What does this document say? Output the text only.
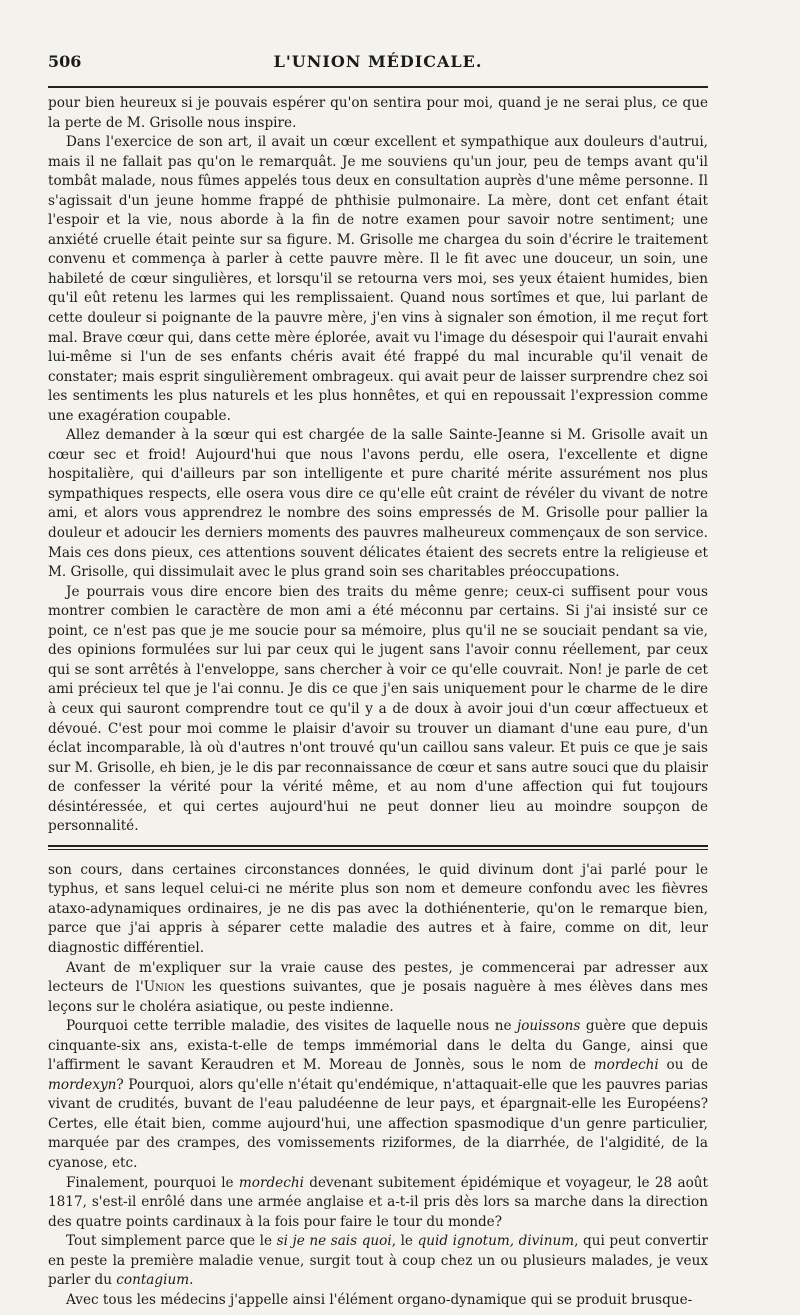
506	L'UNION MÉDICALE.

pour bien heureux si je pouvais espérer qu'on sentira pour moi, quand je ne serai plus, ce que la perte de M. Grisolle nous inspire.

Dans l'exercice de son art, il avait un cœur excellent et sympathique aux douleurs d'autrui, mais il ne fallait pas qu'on le remarquât. Je me souviens qu'un jour, peu de temps avant qu'il tombât malade, nous fûmes appelés tous deux en consultation auprès d'une même personne. Il s'agissait d'un jeune homme frappé de phthisie pulmonaire. La mère, dont cet enfant était l'espoir et la vie, nous aborde à la fin de notre examen pour savoir notre sentiment; une anxiété cruelle était peinte sur sa figure. M. Grisolle me chargea du soin d'écrire le traitement convenu et commença à parler à cette pauvre mère. Il le fit avec une douceur, un soin, une habileté de cœur singulières, et lorsqu'il se retourna vers moi, ses yeux étaient humides, bien qu'il eût retenu les larmes qui les remplissaient. Quand nous sortîmes et que, lui parlant de cette douleur si poignante de la pauvre mère, j'en vins à signaler son émotion, il me reçut fort mal. Brave cœur qui, dans cette mère éplorée, avait vu l'image du désespoir qui l'aurait envahi lui-même si l'un de ses enfants chéris avait été frappé du mal incurable qu'il venait de constater; mais esprit singulièrement ombrageux. qui avait peur de laisser surprendre chez soi les sentiments les plus naturels et les plus honnêtes, et qui en repoussait l'expression comme une exagération coupable.

Allez demander à la sœur qui est chargée de la salle Sainte-Jeanne si M. Grisolle avait un cœur sec et froid! Aujourd'hui que nous l'avons perdu, elle osera, l'excellente et digne hospitalière, qui d'ailleurs par son intelligente et pure charité mérite assurément nos plus sympathiques respects, elle osera vous dire ce qu'elle eût craint de révéler du vivant de notre ami, et alors vous apprendrez le nombre des soins empressés de M. Grisolle pour pallier la douleur et adoucir les derniers moments des pauvres malheureux commençaux de son service. Mais ces dons pieux, ces attentions souvent délicates étaient des secrets entre la religieuse et M. Grisolle, qui dissimulait avec le plus grand soin ses charitables préoccupations.

Je pourrais vous dire encore bien des traits du même genre; ceux-ci suffisent pour vous montrer combien le caractère de mon ami a été méconnu par certains. Si j'ai insisté sur ce point, ce n'est pas que je me soucie pour sa mémoire, plus qu'il ne se souciait pendant sa vie, des opinions formulées sur lui par ceux qui le jugent sans l'avoir connu réellement, par ceux qui se sont arrêtés à l'enveloppe, sans chercher à voir ce qu'elle couvrait. Non! je parle de cet ami précieux tel que je l'ai connu. Je dis ce que j'en sais uniquement pour le charme de le dire à ceux qui sauront comprendre tout ce qu'il y a de doux à avoir joui d'un cœur affectueux et dévoué. C'est pour moi comme le plaisir d'avoir su trouver un diamant d'une eau pure, d'un éclat incomparable, là où d'autres n'ont trouvé qu'un caillou sans valeur. Et puis ce que je sais sur M. Grisolle, eh bien, je le dis par reconnaissance de cœur et sans autre souci que du plaisir de confesser la vérité pour la vérité même, et au nom d'une affection qui fut toujours désintéressée, et qui certes aujourd'hui ne peut donner lieu au moindre soupçon de personnalité.

son cours, dans certaines circonstances données, le quid divinum dont j'ai parlé pour le typhus, et sans lequel celui-ci ne mérite plus son nom et demeure confondu avec les fièvres ataxo-adynamiques ordinaires, je ne dis pas avec la dothiénenterie, qu'on le remarque bien, parce que j'ai appris à séparer cette maladie des autres et à faire, comme on dit, leur diagnostic différentiel.

Avant de m'expliquer sur la vraie cause des pestes, je commencerai par adresser aux lecteurs de l'Union les questions suivantes, que je posais naguère à mes élèves dans mes leçons sur le choléra asiatique, ou peste indienne.

Pourquoi cette terrible maladie, des visites de laquelle nous ne jouissons guère que depuis cinquante-six ans, exista-t-elle de temps immémorial dans le delta du Gange, ainsi que l'affirment le savant Keraudren et M. Moreau de Jonnès, sous le nom de mordechi ou de mordexyn? Pourquoi, alors qu'elle n'était qu'endémique, n'attaquait-elle que les pauvres parias vivant de crudités, buvant de l'eau paludéenne de leur pays, et épargnait-elle les Européens? Certes, elle était bien, comme aujourd'hui, une affection spasmodique d'un genre particulier, marquée par des crampes, des vomissements riziformes, de la diarrhée, de l'algidité, de la cyanose, etc.

Finalement, pourquoi le mordechi devenant subitement épidémique et voyageur, le 28 août 1817, s'est-il enrôlé dans une armée anglaise et a-t-il pris dès lors sa marche dans la direction des quatre points cardinaux à la fois pour faire le tour du monde?

Tout simplement parce que le si je ne sais quoi, le quid ignotum, divinum, qui peut convertir en peste la première maladie venue, surgit tout à coup chez un ou plusieurs malades, je veux parler du contagium.

Avec tous les médecins j'appelle ainsi l'élément organo-dynamique qui se produit brusque-
